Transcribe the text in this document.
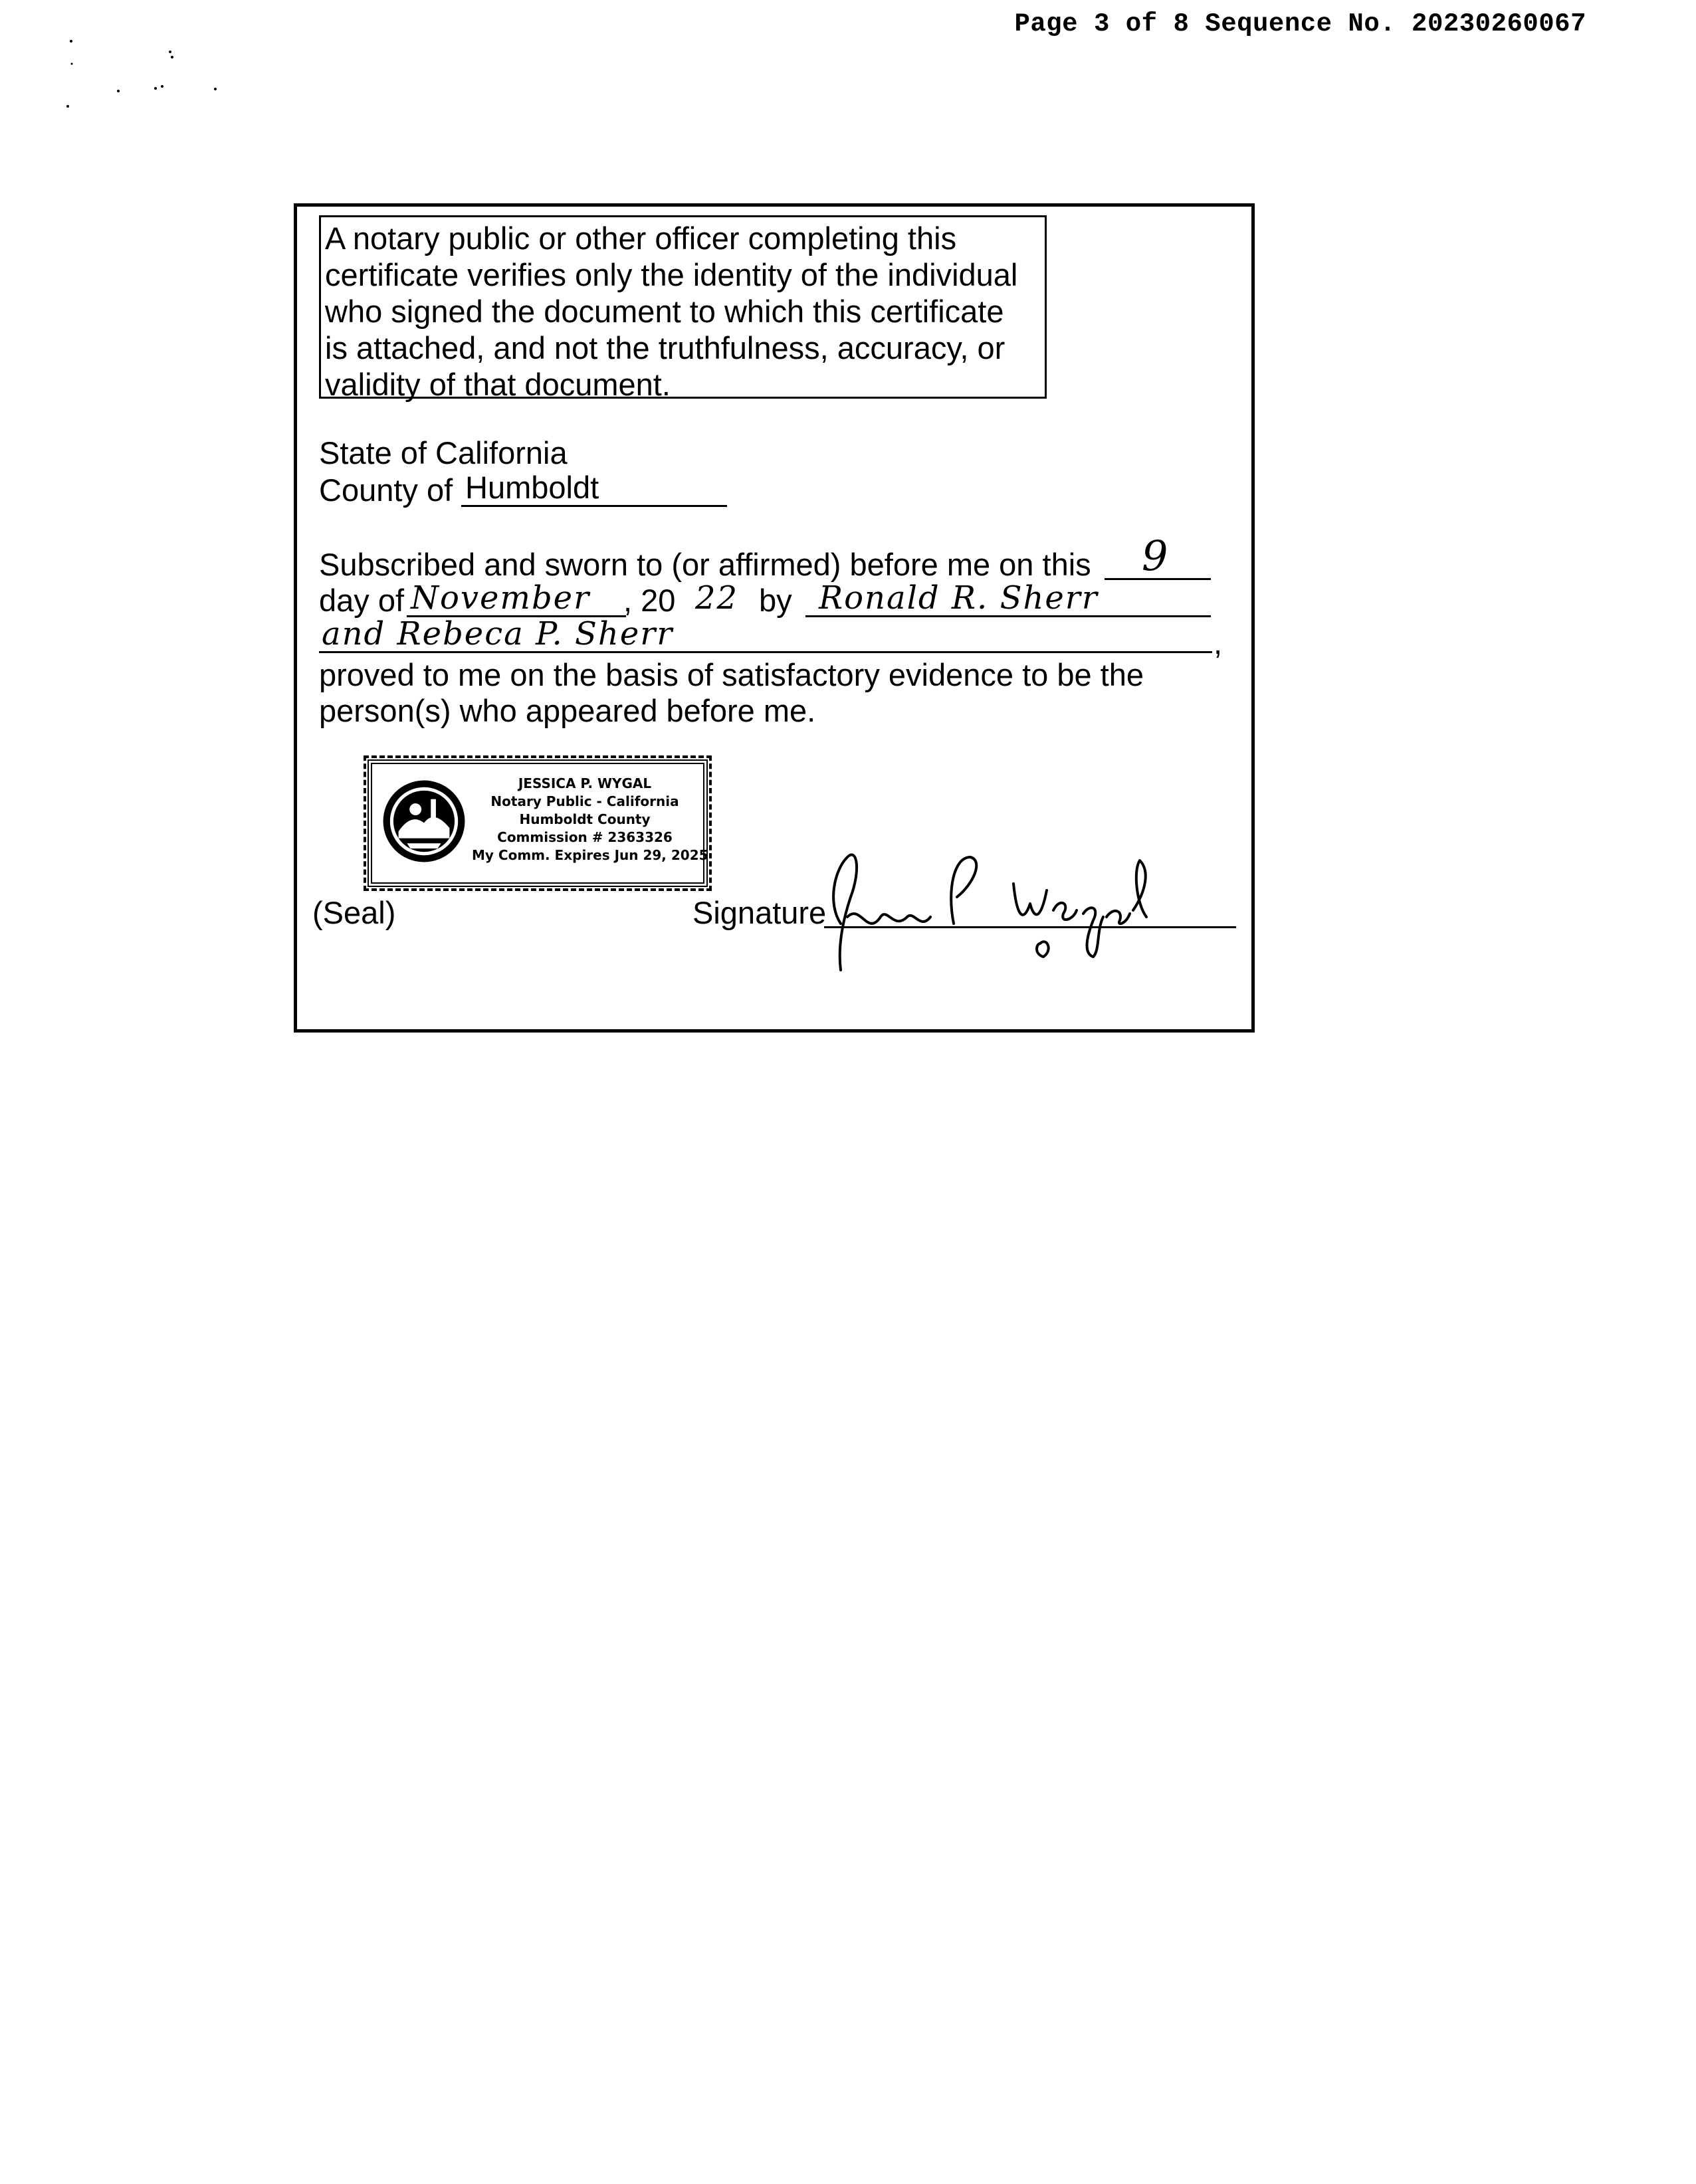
Page 3 of 8 Sequence No. 20230260067
A notary public or other officer completing this
certificate verifies only the identity of the individual
who signed the document to which this certificate
is attached, and not the truthfulness, accuracy, or
validity of that document.
State of California
County of Humboldt
Subscribed and sworn to (or affirmed) before me on this 9
day of November , 20 22 by Ronald R. Sherr
and Rebeca P. Sherr	,
proved to me on the basis of satisfactory evidence to be the
person(s) who appeared before me.
JESSICA P. WYGAL
Notary Public - California
Humboldt County
Commission # 2363326
My Comm. Expires Jun 29, 2025
(Seal)	Signature
